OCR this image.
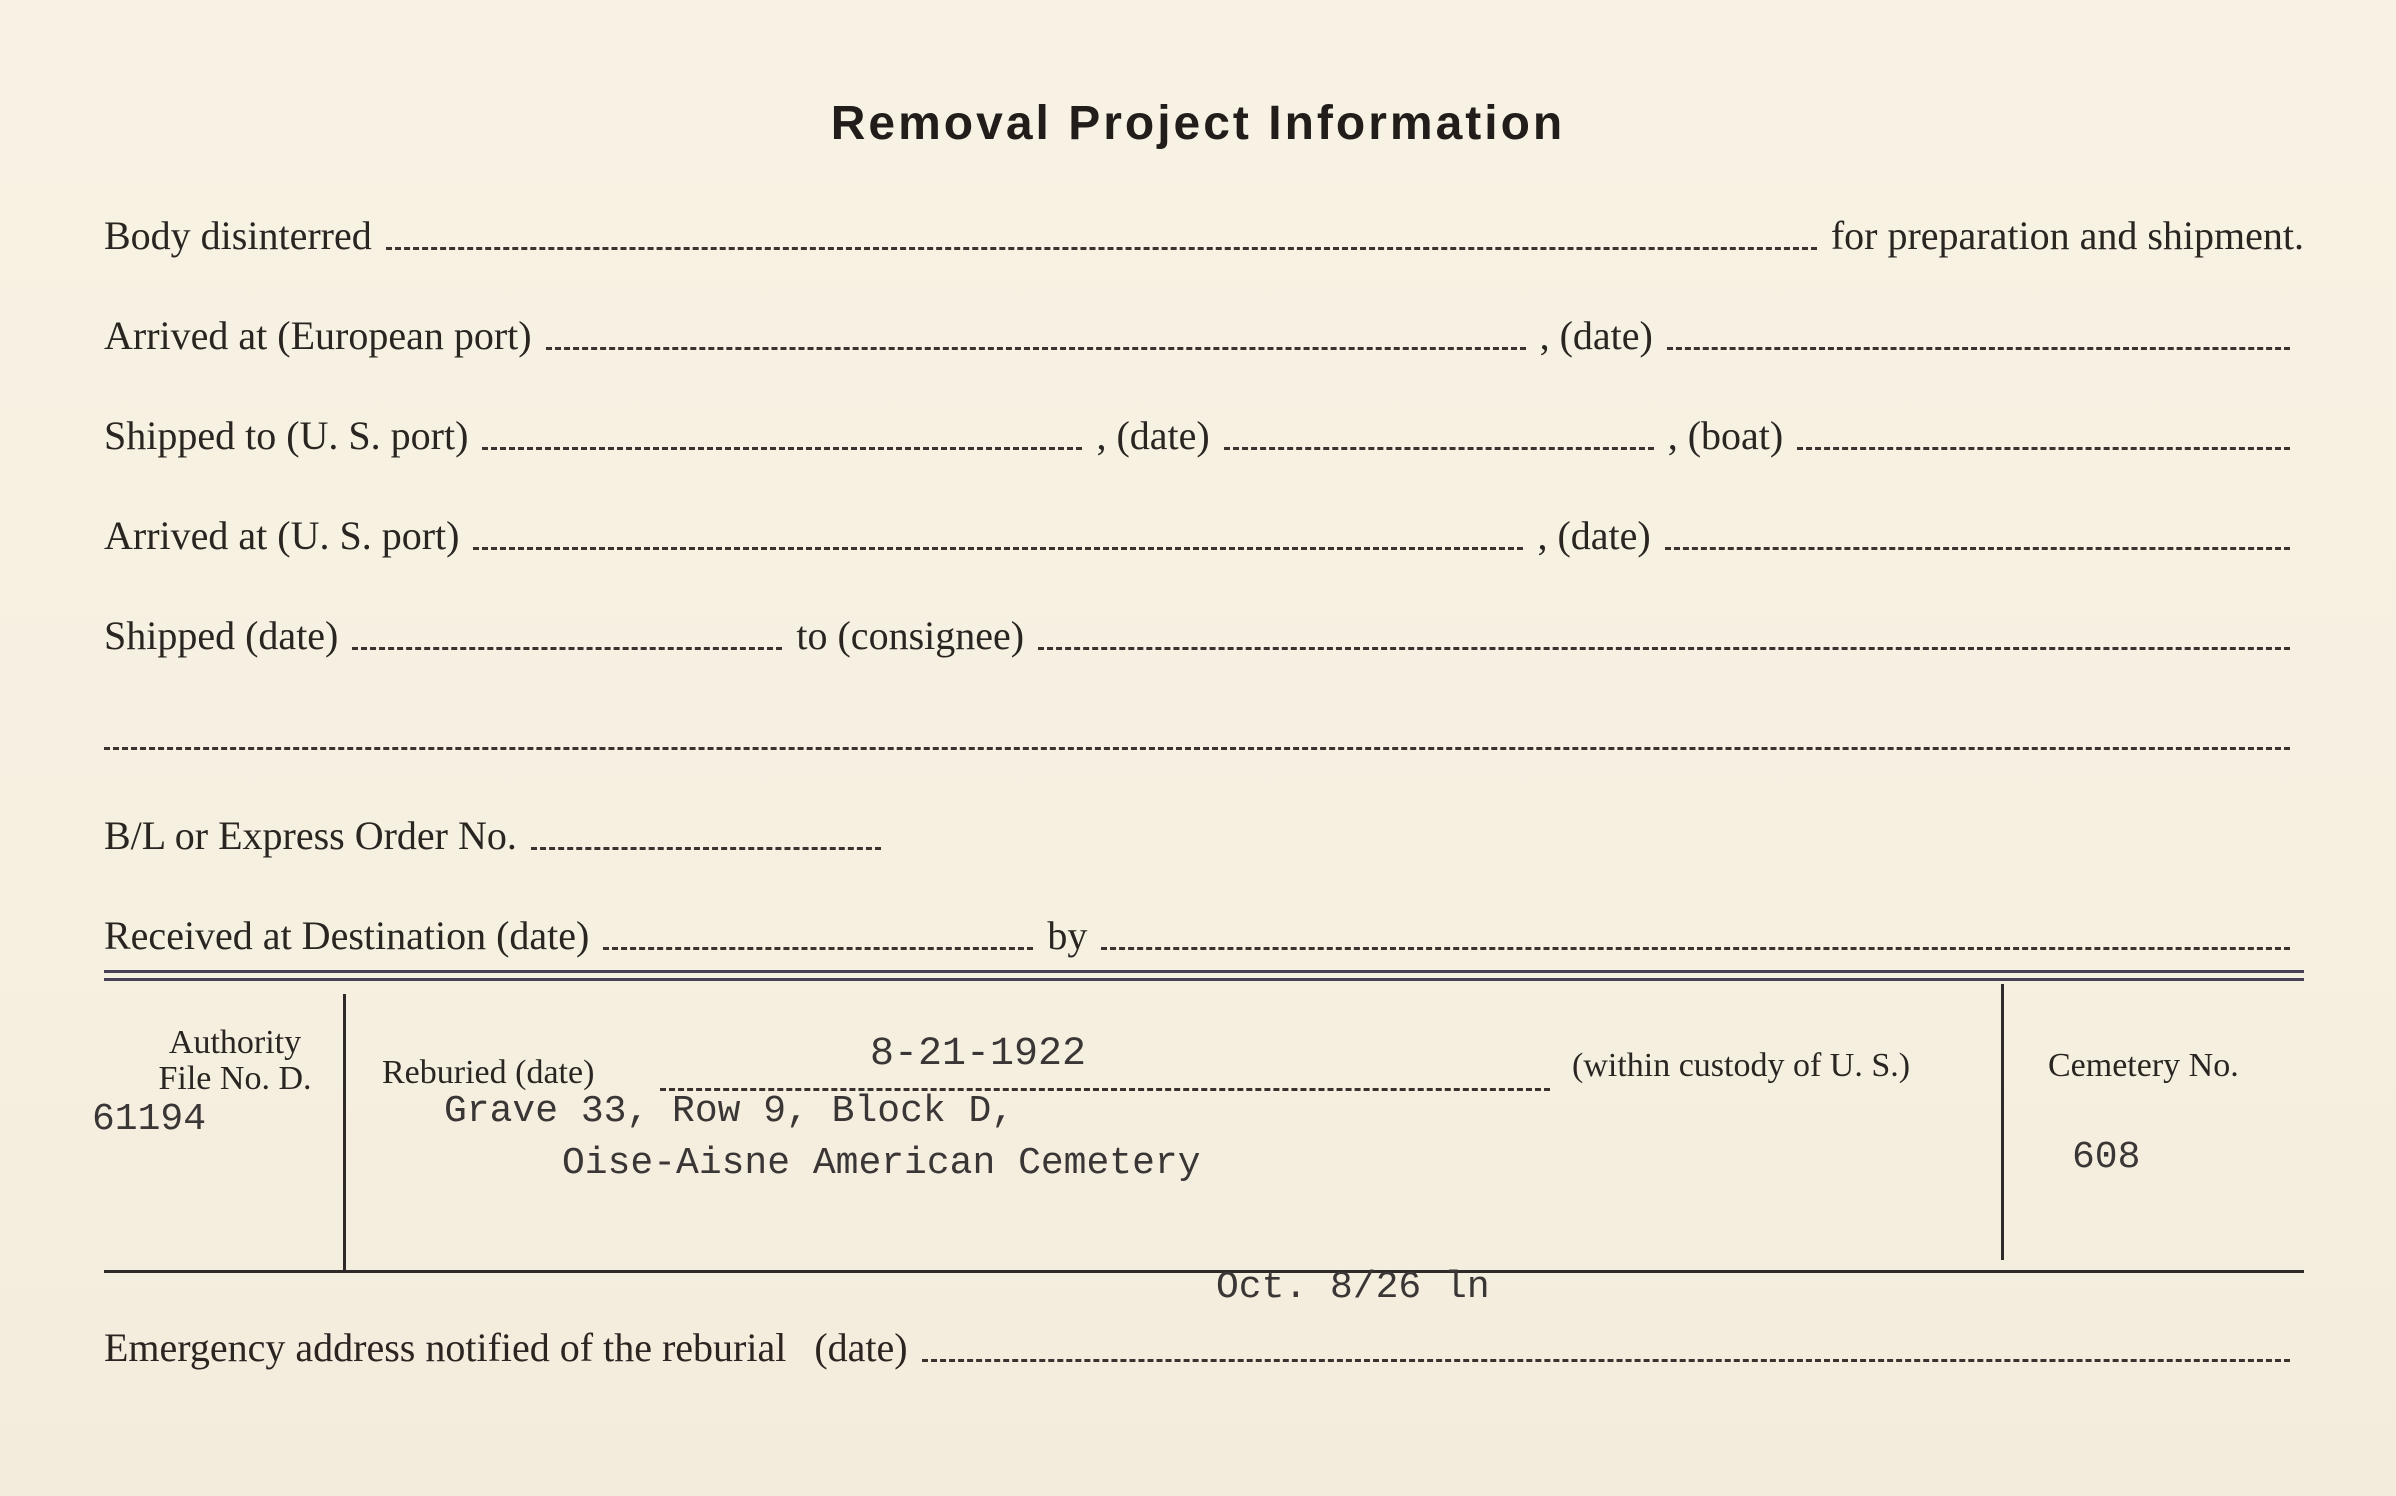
Removal Project Information
Body disinterred	for preparation and shipment.
Arrived at (European port)	, (date)
Shipped to (U. S. port)	, (date)	, (boat)
Arrived at (U. S. port)	, (date)
Shipped (date)	to (consignee)
B/L or Express Order No.
Received at Destination (date)	by
Authority
File No. D.
61194
Reburied (date)	8-21-1922	(within custody of U. S.)
Grave 33, Row 9, Block D,
Oise-Aisne American Cemetery
Cemetery No.
608
Oct. 8/26 ln
Emergency address notified of the reburial (date)
